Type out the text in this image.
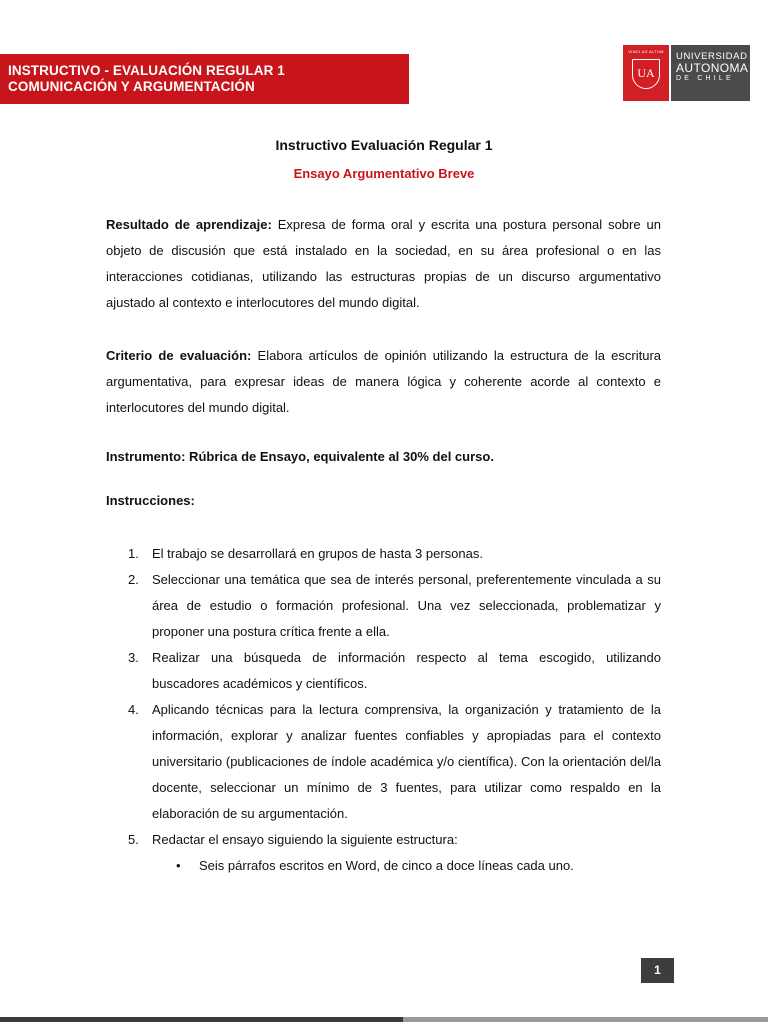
INSTRUCTIVO - EVALUACIÓN REGULAR 1
COMUNICACIÓN Y ARGUMENTACIÓN
VINCI AD ALTUM
UA
UNIVERSIDAD
AUTONOMA
DE CHILE
Instructivo Evaluación Regular 1
Ensayo Argumentativo Breve
Resultado de aprendizaje: Expresa de forma oral y escrita una postura personal sobre un objeto de discusión que está instalado en la sociedad, en su área profesional o en las interacciones cotidianas, utilizando las estructuras propias de un discurso argumentativo ajustado al contexto e interlocutores del mundo digital.
Criterio de evaluación: Elabora artículos de opinión utilizando la estructura de la escritura argumentativa, para expresar ideas de manera lógica y coherente acorde al contexto e interlocutores del mundo digital.
Instrumento: Rúbrica de Ensayo, equivalente al 30% del curso.
Instrucciones:
1. El trabajo se desarrollará en grupos de hasta 3 personas.
2. Seleccionar una temática que sea de interés personal, preferentemente vinculada a su área de estudio o formación profesional. Una vez seleccionada, problematizar y proponer una postura crítica frente a ella.
3. Realizar una búsqueda de información respecto al tema escogido, utilizando buscadores académicos y científicos.
4. Aplicando técnicas para la lectura comprensiva, la organización y tratamiento de la información, explorar y analizar fuentes confiables y apropiadas para el contexto universitario (publicaciones de índole académica y/o científica). Con la orientación del/la docente, seleccionar un mínimo de 3 fuentes, para utilizar como respaldo en la elaboración de su argumentación.
5. Redactar el ensayo siguiendo la siguiente estructura:
• Seis párrafos escritos en Word, de cinco a doce líneas cada uno.
1
